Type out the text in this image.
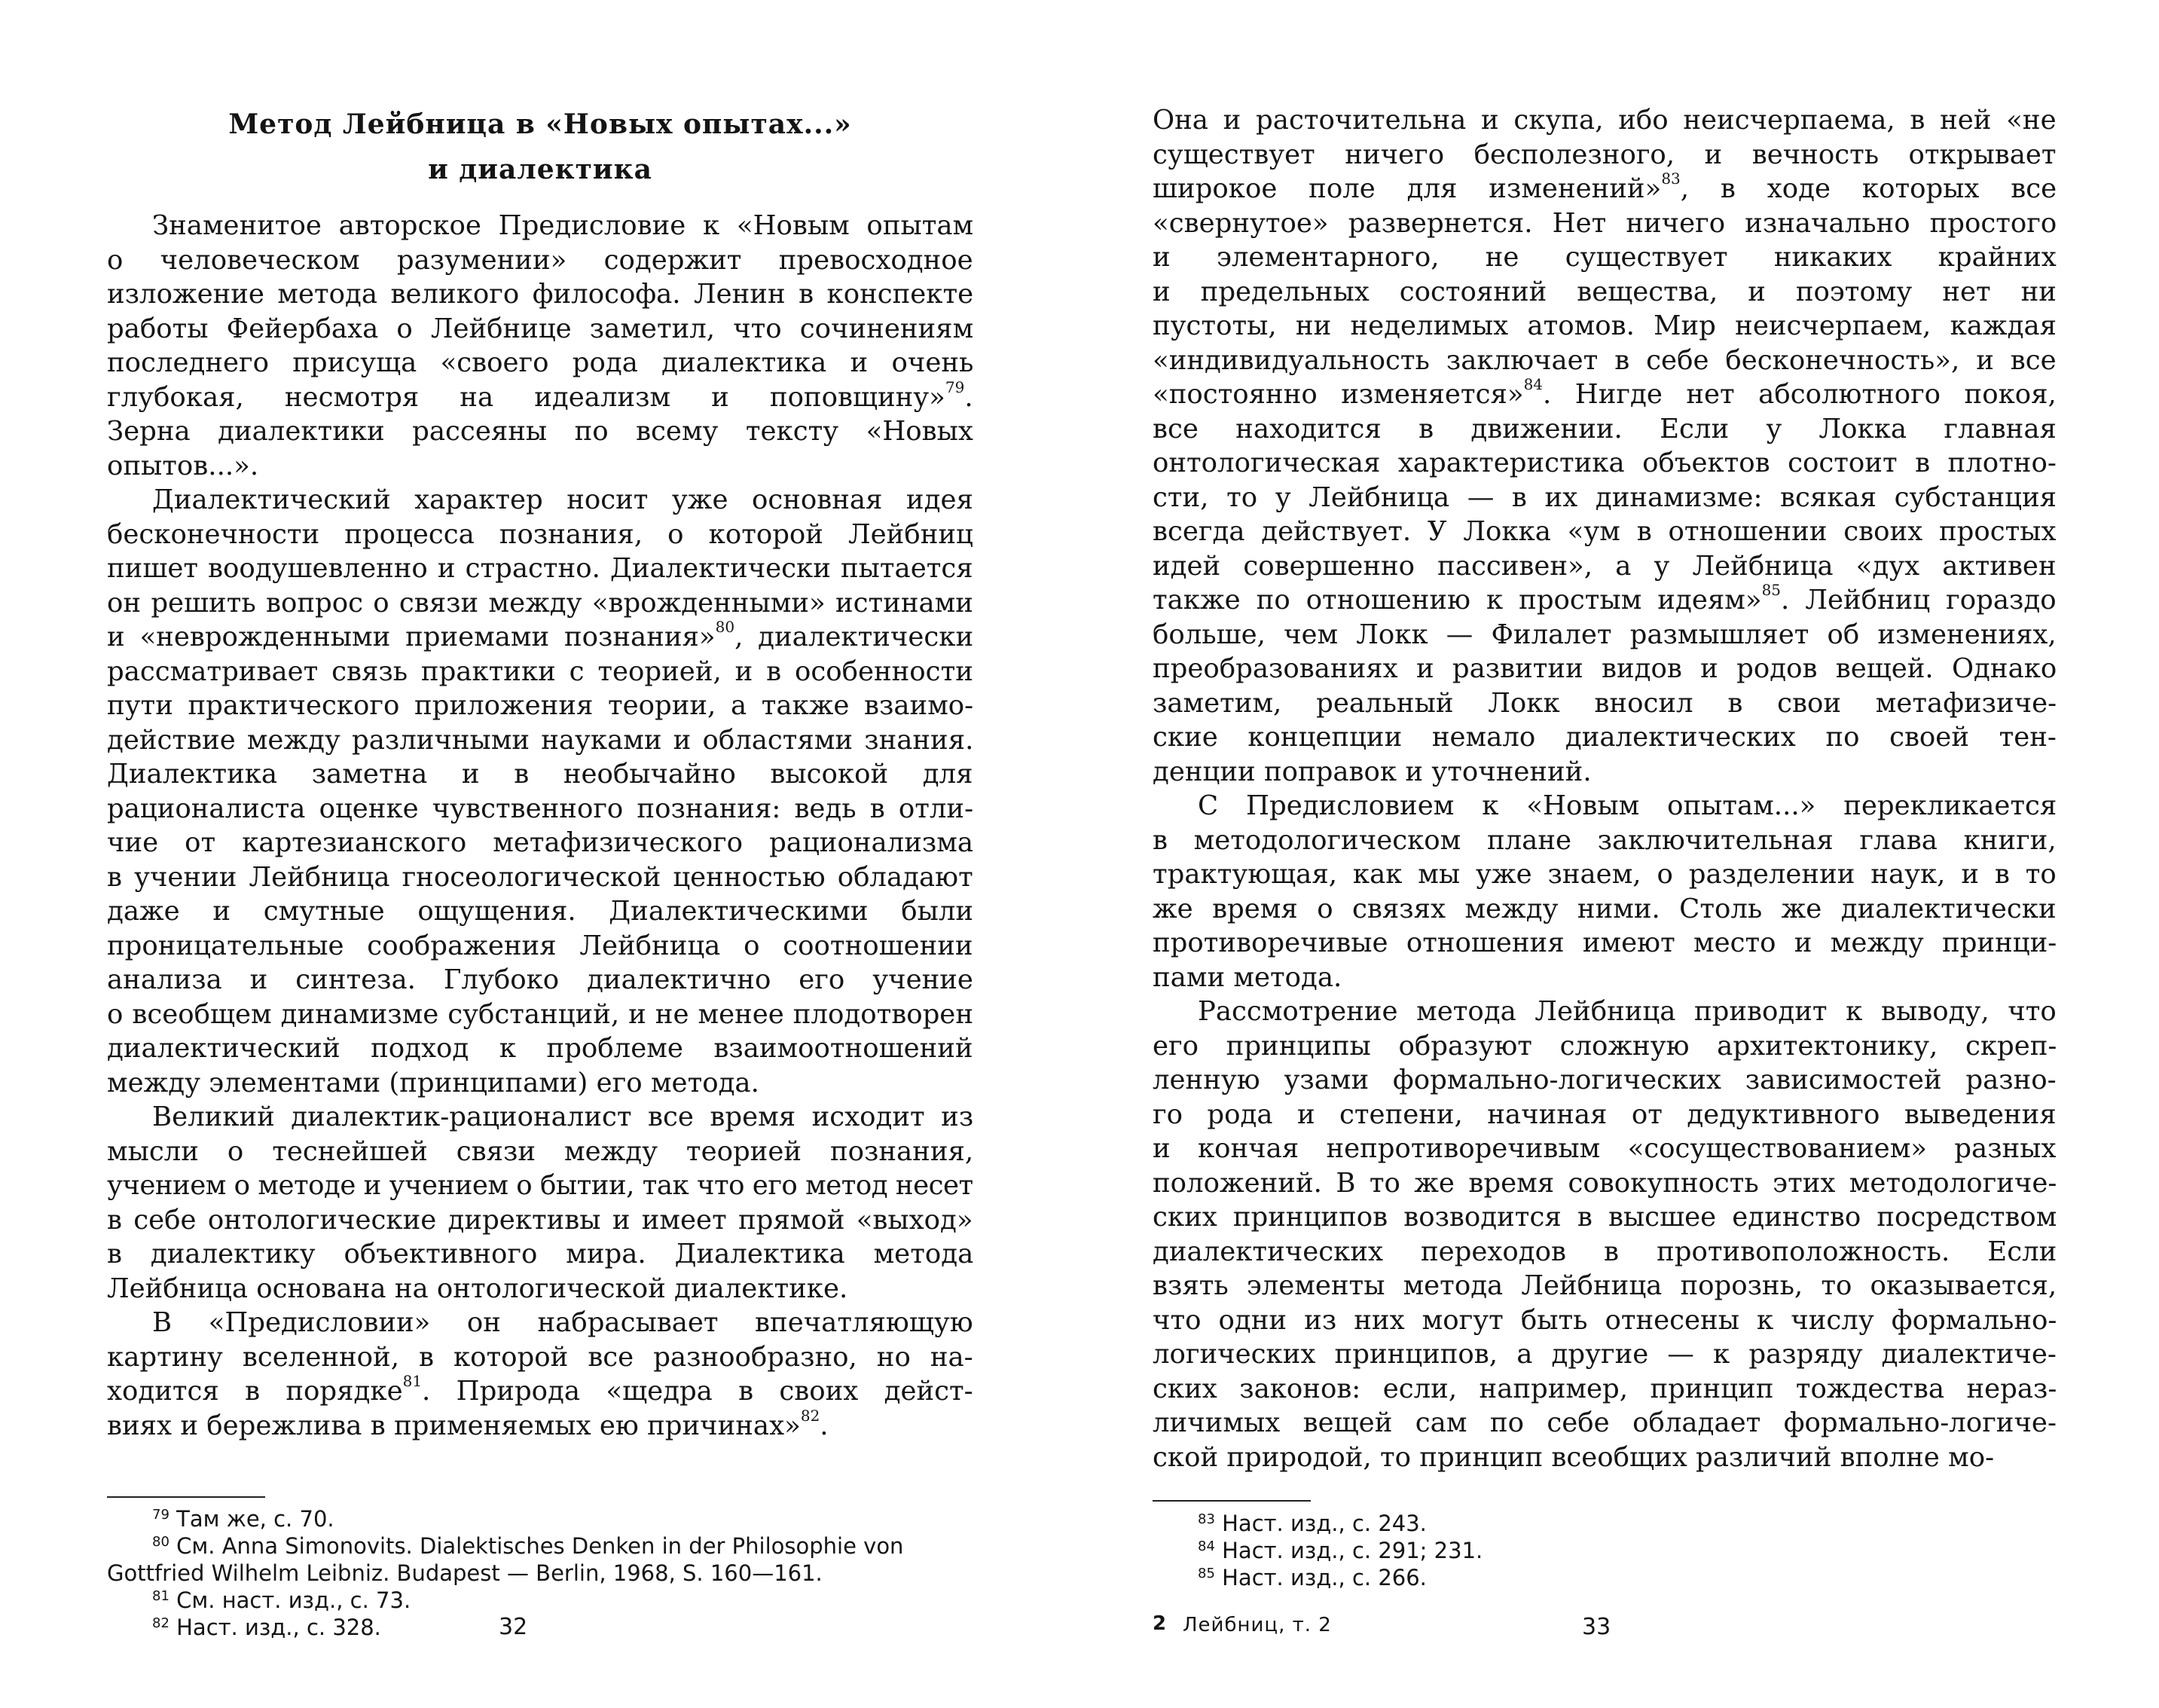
Метод Лейбница в «Новых опытах...»
и диалектика
Знаменитое авторское Предисловие к «Новым опытам
о человеческом разумении» содержит превосходное
изложение метода великого философа. Ленин в конспекте
работы Фейербаха о Лейбнице заметил, что сочинениям
последнего присуща «своего рода диалектика и очень
глубокая, несмотря на идеализм и поповщину»$^{79}$.
Зерна диалектики рассеяны по всему тексту «Новых
опытов...».
Диалектический характер носит уже основная идея
бесконечности процесса познания, о которой Лейбниц
пишет воодушевленно и страстно. Диалектически пытается
он решить вопрос о связи между «врожденными» истинами
и «неврожденными приемами познания»$^{80}$, диалектически
рассматривает связь практики с теорией, и в особенности
пути практического приложения теории, а также взаимо-
действие между различными науками и областями знания.
Диалектика заметна и в необычайно высокой для
рационалиста оценке чувственного познания: ведь в отли-
чие от картезианского метафизического рационализма
в учении Лейбница гносеологической ценностью обладают
даже и смутные ощущения. Диалектическими были
проницательные соображения Лейбница о соотношении
анализа и синтеза. Глубоко диалектично его учение
о всеобщем динамизме субстанций, и не менее плодотворен
диалектический подход к проблеме взаимоотношений
между элементами (принципами) его метода.
Великий диалектик-рационалист все время исходит из
мысли о теснейшей связи между теорией познания,
учением о методе и учением о бытии, так что его метод несет
в себе онтологические директивы и имеет прямой «выход»
в диалектику объективного мира. Диалектика метода
Лейбница основана на онтологической диалектике.
В «Предисловии» он набрасывает впечатляющую
картину вселенной, в которой все разнообразно, но на-
ходится в порядке$^{81}$. Природа «щедра в своих дейст-
виях и бережлива в применяемых ею причинах»$^{82}$.
$^{79}$ Там же, с. 70.
$^{80}$ См. Anna Simonovits. Dialektisches Denken in der Philosophie von
Gottfried Wilhelm Leibniz. Budapest — Berlin, 1968, S. 160—161.
$^{81}$ См. наст. изд., с. 73.
$^{82}$ Наст. изд., с. 328.	32
Она и расточительна и скупа, ибо неисчерпаема, в ней «не
существует ничего бесполезного, и вечность открывает
широкое поле для изменений»$^{83}$, в ходе которых все
«свернутое» развернется. Нет ничего изначально простого
и элементарного, не существует никаких крайних
и предельных состояний вещества, и поэтому нет ни
пустоты, ни неделимых атомов. Мир неисчерпаем, каждая
«индивидуальность заключает в себе бесконечность», и все
«постоянно изменяется»$^{84}$. Нигде нет абсолютного покоя,
все находится в движении. Если у Локка главная
онтологическая характеристика объектов состоит в плотно-
сти, то у Лейбница — в их динамизме: всякая субстанция
всегда действует. У Локка «ум в отношении своих простых
идей совершенно пассивен», а у Лейбница «дух активен
также по отношению к простым идеям»$^{85}$. Лейбниц гораздо
больше, чем Локк — Филалет размышляет об изменениях,
преобразованиях и развитии видов и родов вещей. Однако
заметим, реальный Локк вносил в свои метафизиче-
ские концепции немало диалектических по своей тен-
денции поправок и уточнений.
С Предисловием к «Новым опытам...» перекликается
в методологическом плане заключительная глава книги,
трактующая, как мы уже знаем, о разделении наук, и в то
же время о связях между ними. Столь же диалектически
противоречивые отношения имеют место и между принци-
пами метода.
Рассмотрение метода Лейбница приводит к выводу, что
его принципы образуют сложную архитектонику, скреп-
ленную узами формально-логических зависимостей разно-
го рода и степени, начиная от дедуктивного выведения
и кончая непротиворечивым «сосуществованием» разных
положений. В то же время совокупность этих методологиче-
ских принципов возводится в высшее единство посредством
диалектических переходов в противоположность. Если
взять элементы метода Лейбница порознь, то оказывается,
что одни из них могут быть отнесены к числу формально-
логических принципов, а другие — к разряду диалектиче-
ских законов: если, например, принцип тождества нераз-
личимых вещей сам по себе обладает формально-логиче-
ской природой, то принцип всеобщих различий вполне мо-
$^{83}$ Наст. изд., с. 243.
$^{84}$ Наст. изд., с. 291; 231.
$^{85}$ Наст. изд., с. 266.
2 Лейбниц, т. 2	33
